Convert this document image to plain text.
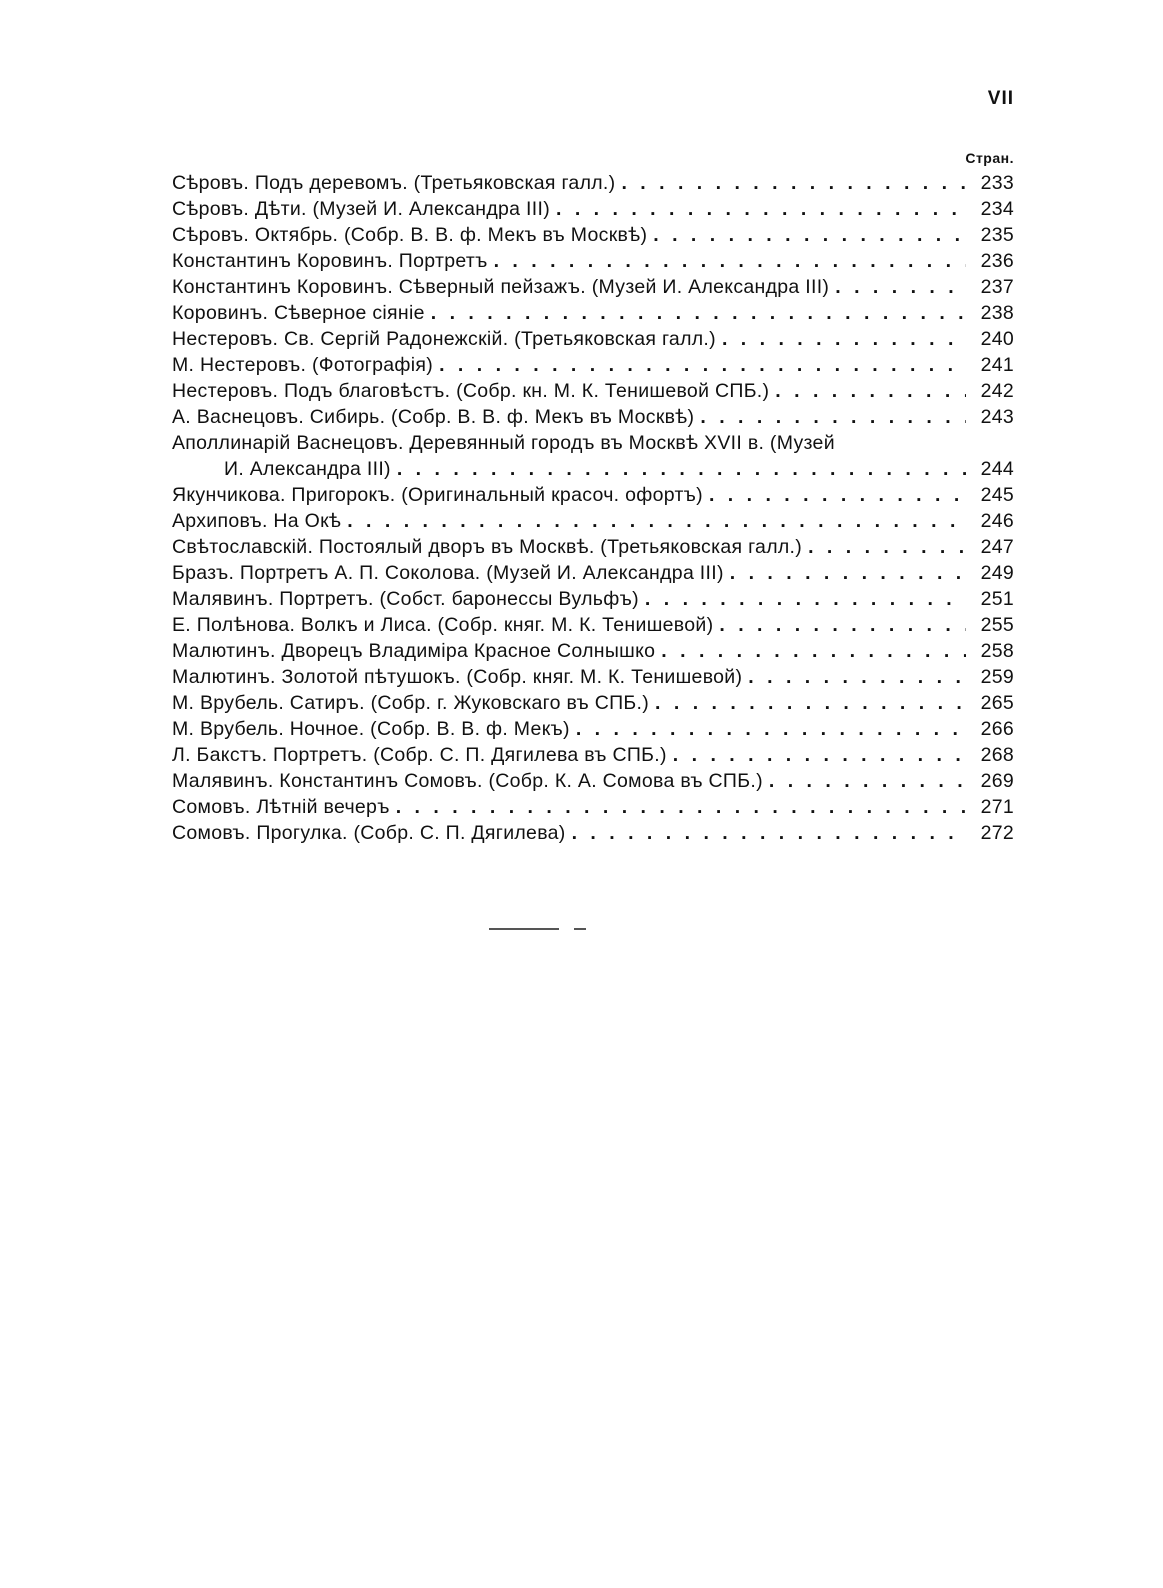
VII
Стран.
Сѣровъ. Подъ деревомъ. (Третьяковская галл.) . . .	233
Сѣровъ. Дѣти. (Музей И. Александра III) . . .	234
Сѣровъ. Октябрь. (Собр. В. В. ф. Мекъ въ Москвѣ) . . .	235
Константинъ Коровинъ. Портретъ . . .	236
Константинъ Коровинъ. Сѣверный пейзажъ. (Музей И. Александра III) . . .	237
Коровинъ. Сѣверное сіяніе . . .	238
Нестеровъ. Св. Сергій Радонежскій. (Третьяковская галл.) . . .	240
М. Нестеровъ. (Фотографія) . . .	241
Нестеровъ. Подъ благовѣстъ. (Собр. кн. М. К. Тенишевой СПБ.) . . .	242
А. Васнецовъ. Сибирь. (Собр. В. В. ф. Мекъ въ Москвѣ) . . .	243
Аполлинарій Васнецовъ. Деревянный городъ въ Москвѣ XVII в. (Музей
И. Александра III) . . .	244
Якунчикова. Пригорокъ. (Оригинальный красоч. офортъ) . . .	245
Архиповъ. На Окѣ . . .	246
Свѣтославскій. Постоялый дворъ въ Москвѣ. (Третьяковская галл.) . . .	247
Бразъ. Портретъ А. П. Соколова. (Музей И. Александра III) . . .	249
Малявинъ. Портретъ. (Собст. баронессы Вульфъ) . . .	251
Е. Полѣнова. Волкъ и Лиса. (Собр. княг. М. К. Тенишевой) . . .	255
Малютинъ. Дворецъ Владиміра Красное Солнышко . . .	258
Малютинъ. Золотой пѣтушокъ. (Собр. княг. М. К. Тенишевой) . . .	259
М. Врубель. Сатиръ. (Собр. г. Жуковскаго въ СПБ.) . . .	265
М. Врубель. Ночное. (Собр. В. В. ф. Мекъ) . . .	266
Л. Бакстъ. Портретъ. (Собр. С. П. Дягилева въ СПБ.) . . .	268
Малявинъ. Константинъ Сомовъ. (Собр. К. А. Сомова въ СПБ.) . . .	269
Сомовъ. Лѣтній вечеръ . . .	271
Сомовъ. Прогулка. (Собр. С. П. Дягилева) . . .	272
